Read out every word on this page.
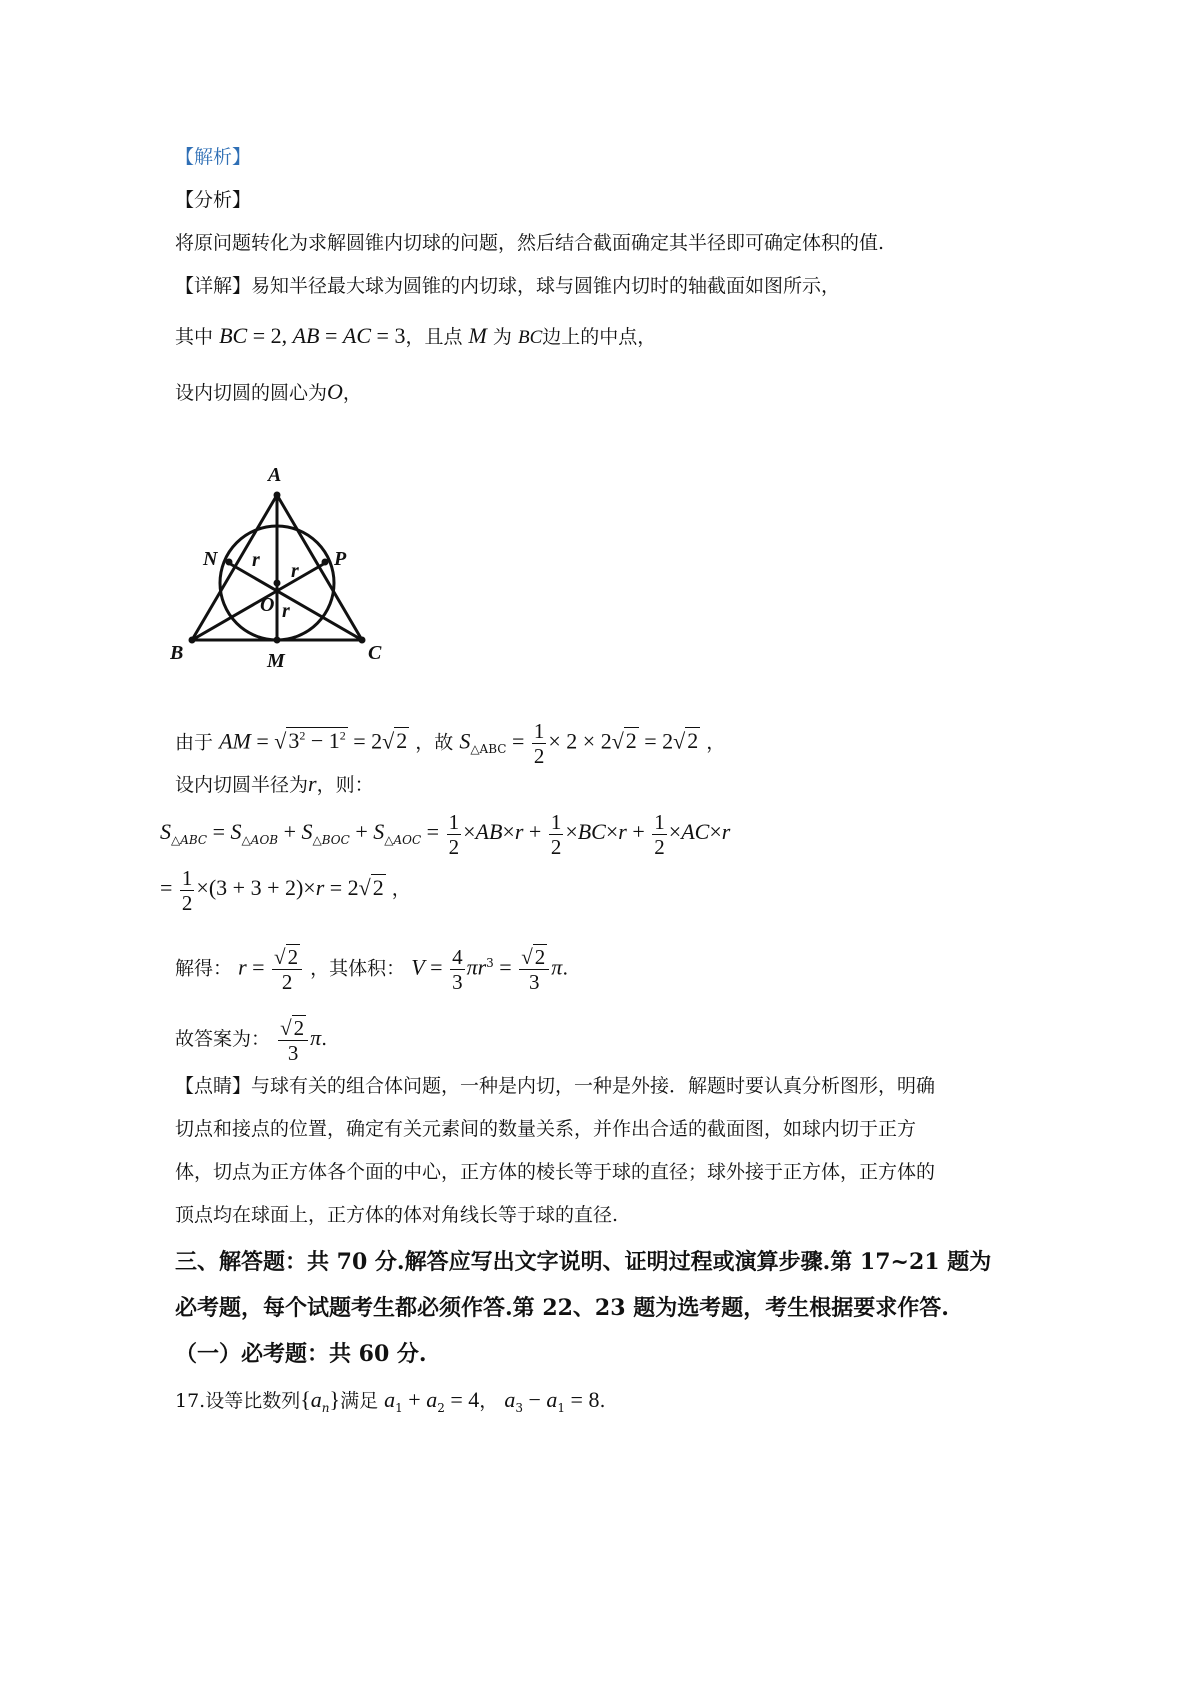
【解析】
【分析】
将原问题转化为求解圆锥内切球的问题，然后结合截面确定其半径即可确定体积的值.
【详解】易知半径最大球为圆锥的内切球，球与圆锥内切时的轴截面如图所示，
其中 BC = 2, AB = AC = 3，且点 M 为 BC边上的中点，
设内切圆的圆心为O，
A
B	C
M
N	P
O
r r
r
由于 AM = $√3^2 - 1^2 = 2√2$ ，故 $S_{\triangle ABC} = \frac{1}{2} \times 2 \times 2√2 = 2√2$ ，
设内切圆半径为r，则：
$S_{\triangle ABC} = S_{\triangle AOB} + S_{\triangle BOC} + S_{\triangle AOC} = \frac{1}{2} \times AB\times r + \frac{1}{2} \times BC\times r + \frac{1}{2} \times AC\times r$
= $\frac{1}{2} \times(3 + 3 + 2)\times r = 2√2$ ，
解得： $r = \frac{√2}{2}$ ，其体积： $V = \frac{4}{3} \pi r^3 = \frac{√2}{3} \pi$.
故答案为： $\frac{√2}{3} \pi$.
【点睛】与球有关的组合体问题，一种是内切，一种是外接．解题时要认真分析图形，明确
切点和接点的位置，确定有关元素间的数量关系，并作出合适的截面图，如球内切于正方
体，切点为正方体各个面的中心，正方体的棱长等于球的直径；球外接于正方体，正方体的
顶点均在球面上，正方体的体对角线长等于球的直径.
三、解答题：共 70 分.解答应写出文字说明、证明过程或演算步骤.第 17~21 题为
必考题，每个试题考生都必须作答.第 22、23 题为选考题，考生根据要求作答.
（一）必考题：共 60 分.
17.设等比数列$\{a_n\}$满足 $a_1 + a_2 = 4$， $a_3 - a_1 = 8$.
